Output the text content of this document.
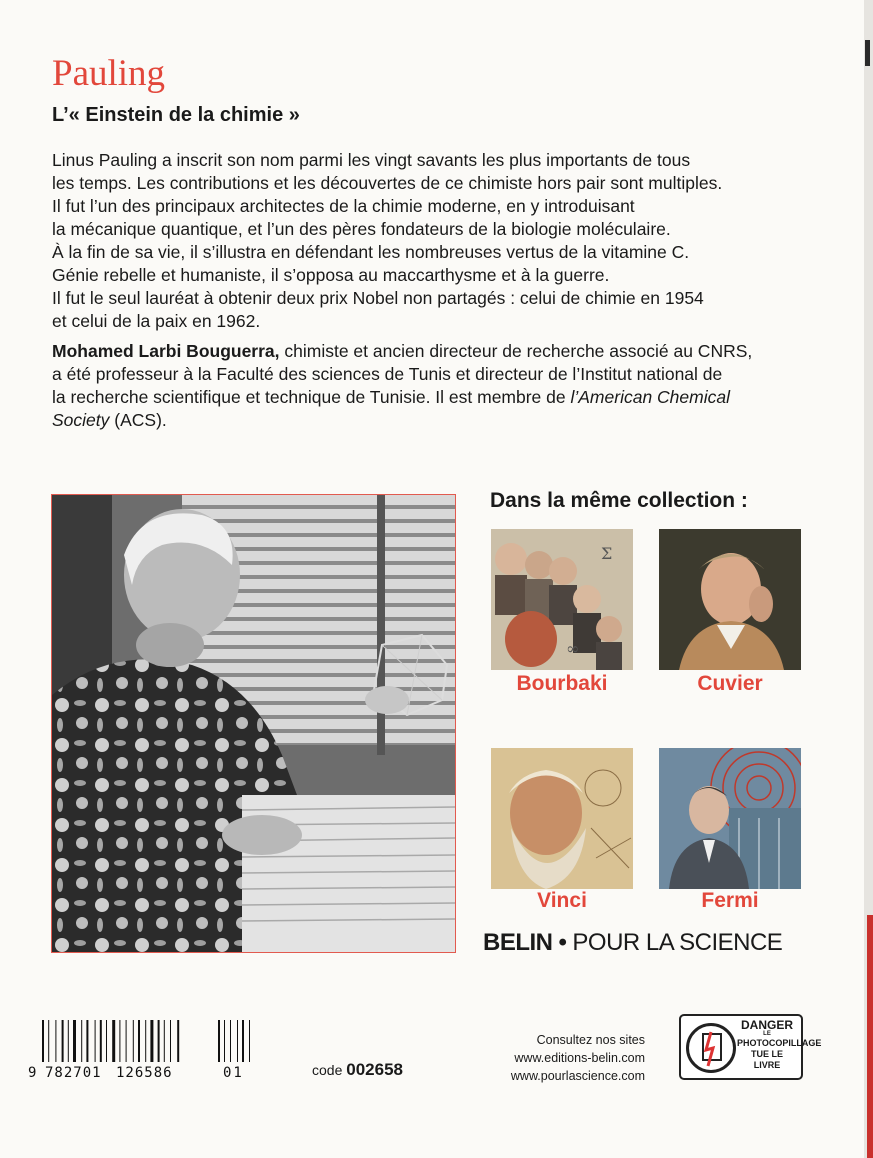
Pauling
L’« Einstein de la chimie »
Linus Pauling a inscrit son nom parmi les vingt savants les plus importants de tous
les temps. Les contributions et les découvertes de ce chimiste hors pair sont multiples.
Il fut l’un des principaux architectes de la chimie moderne, en y introduisant
la mécanique quantique, et l’un des pères fondateurs de la biologie moléculaire.
À la fin de sa vie, il s’illustra en défendant les nombreuses vertus de la vitamine C.
Génie rebelle et humaniste, il s’opposa au maccarthysme et à la guerre.
Il fut le seul lauréat à obtenir deux prix Nobel non partagés : celui de chimie en 1954
et celui de la paix en 1962.
Mohamed Larbi Bouguerra, chimiste et ancien directeur de recherche associé au CNRS,
a été professeur à la Faculté des sciences de Tunis et directeur de l’Institut national de
la recherche scientifique et technique de Tunisie. Il est membre de l’American Chemical
Society (ACS).
Dans la même collection :
Σ
∞
Bourbaki	Cuvier
Vinci	Fermi
BELIN • POUR LA SCIENCE
9 782701 126586	01	code 002658
Consultez nos sites
www.editions-belin.com
www.pourlascience.com
DANGER
LE
PHOTOCOPILLAGE
TUE LE LIVRE
